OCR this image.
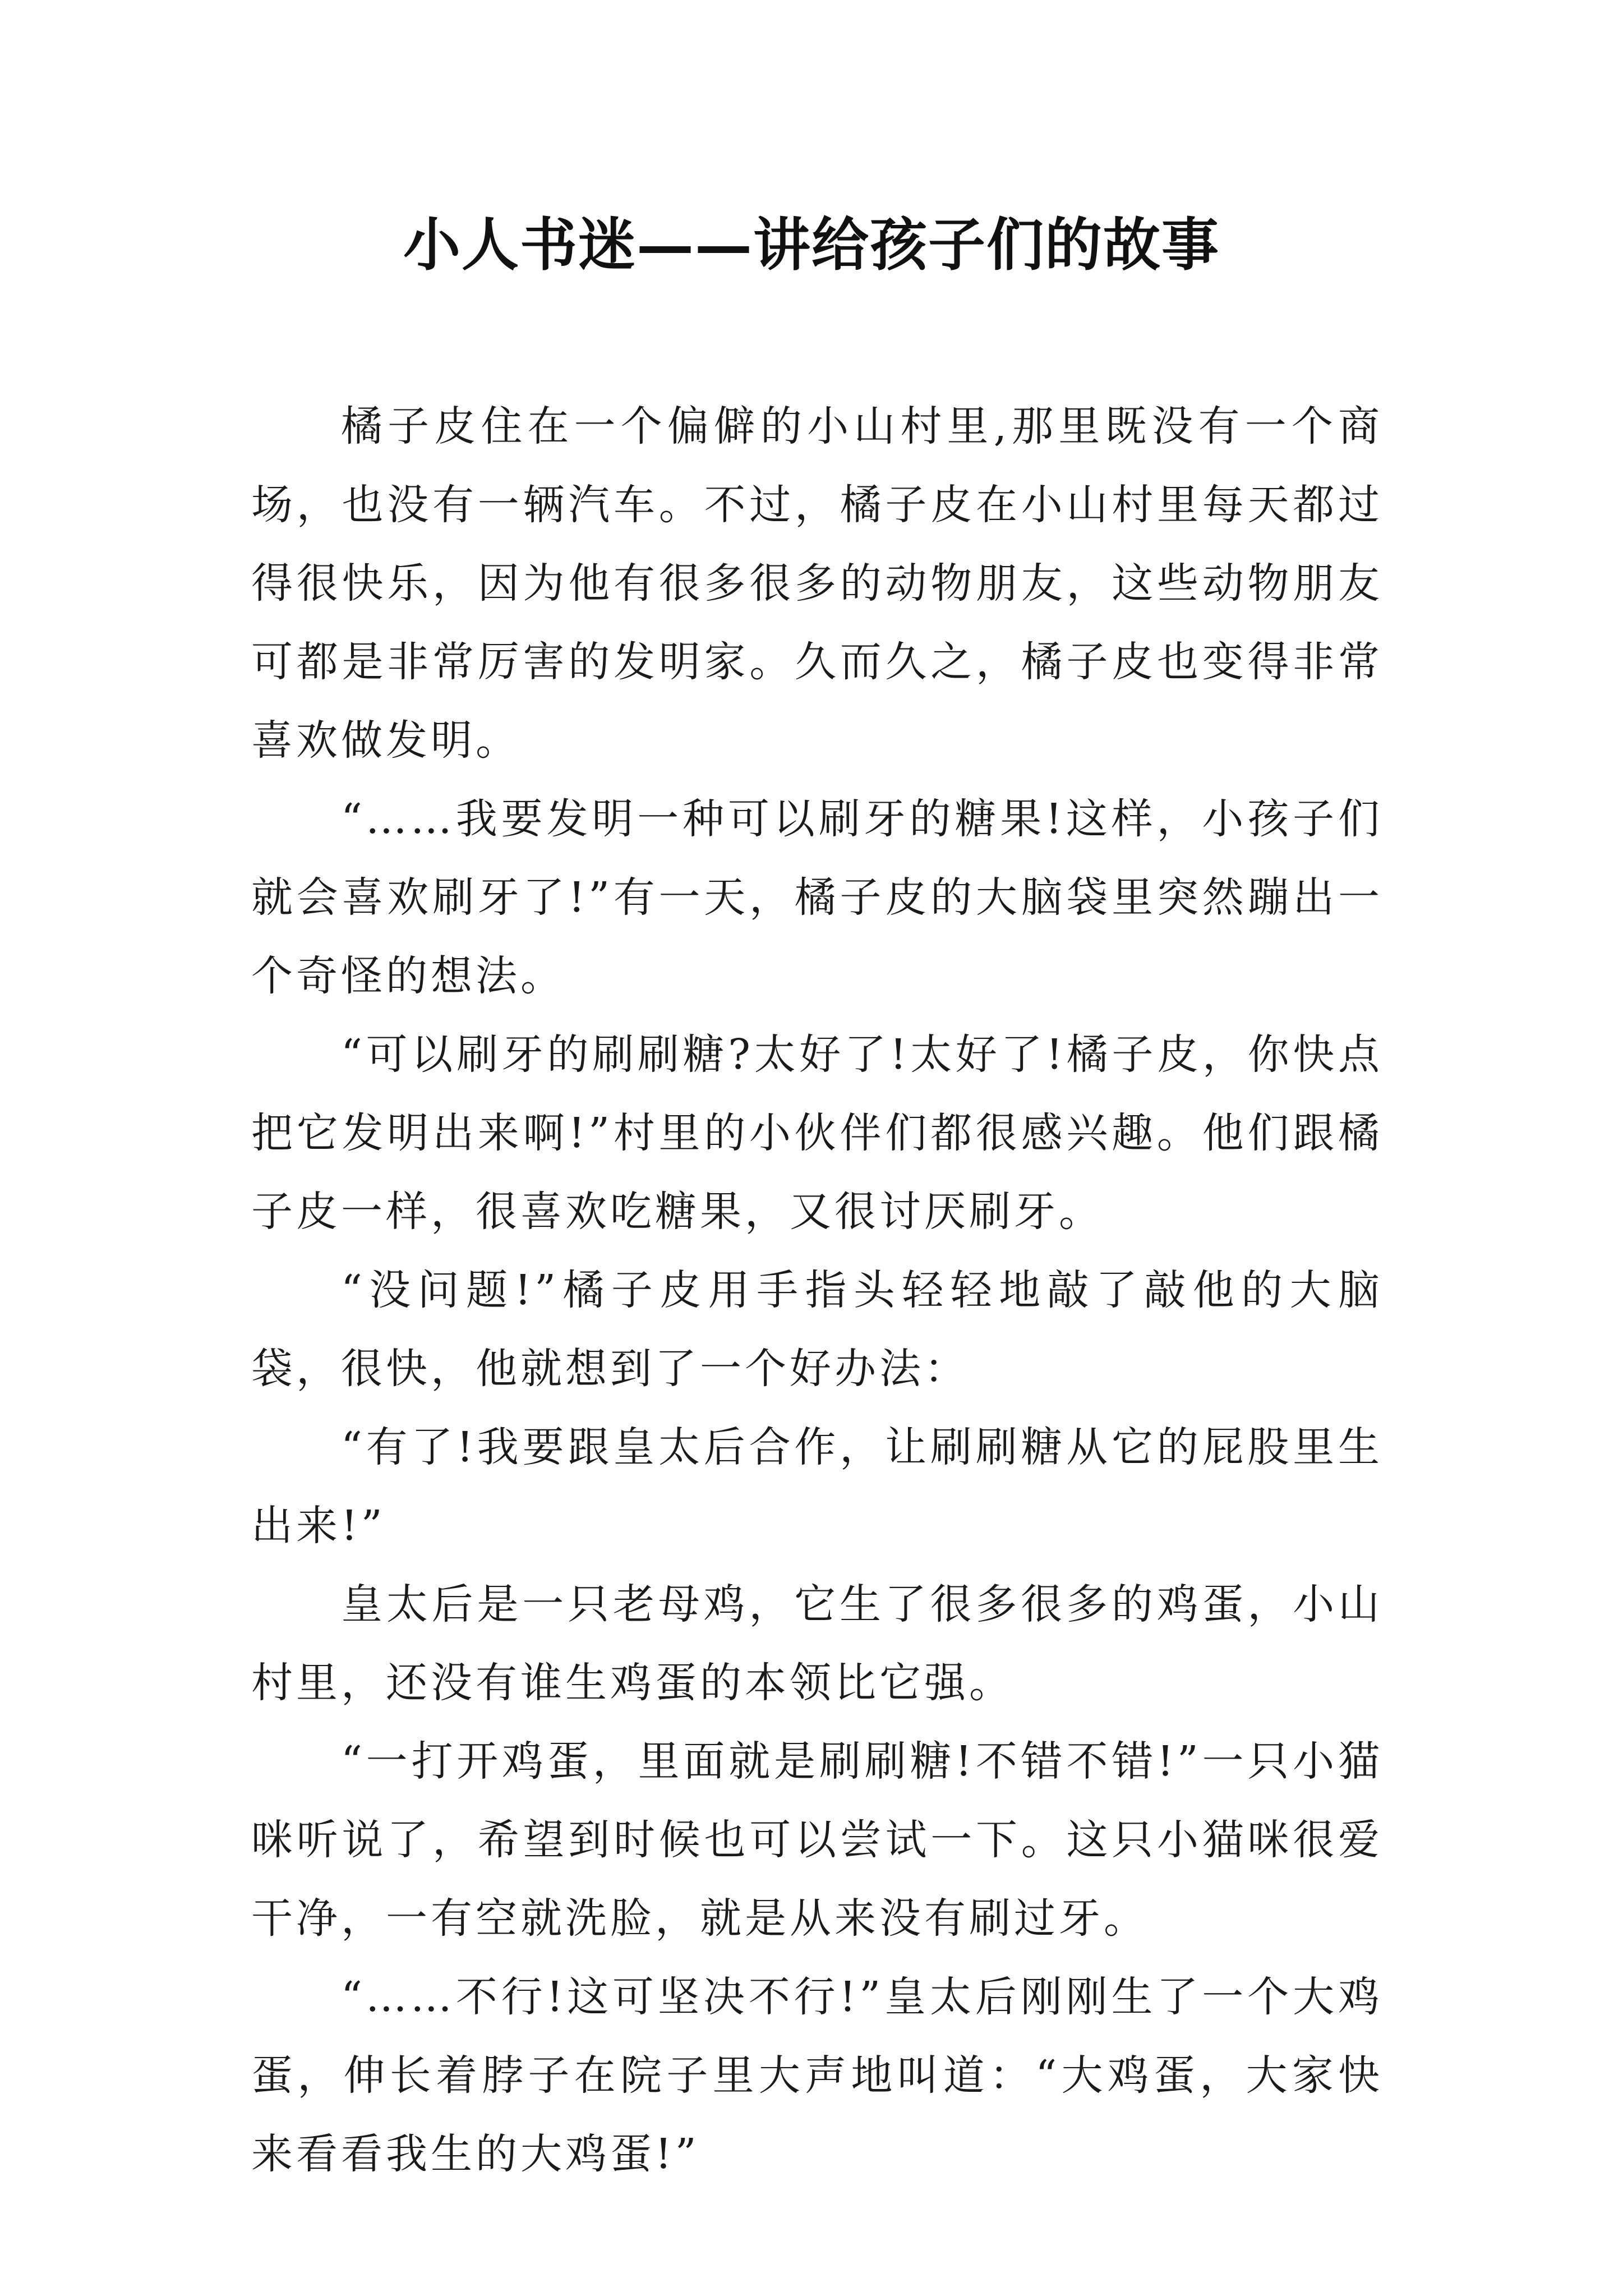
小人书迷——讲给孩子们的故事

橘子皮住在一个偏僻的小山村里,那里既没有一个商场，也没有一辆汽车。不过，橘子皮在小山村里每天都过得很快乐，因为他有很多很多的动物朋友，这些动物朋友可都是非常厉害的发明家。久而久之，橘子皮也变得非常喜欢做发明。

“……我要发明一种可以刷牙的糖果!这样，小孩子们就会喜欢刷牙了!”有一天，橘子皮的大脑袋里突然蹦出一个奇怪的想法。

“可以刷牙的刷刷糖?太好了!太好了!橘子皮，你快点把它发明出来啊!”村里的小伙伴们都很感兴趣。他们跟橘子皮一样，很喜欢吃糖果，又很讨厌刷牙。

“没问题!”橘子皮用手指头轻轻地敲了敲他的大脑袋，很快，他就想到了一个好办法：

“有了!我要跟皇太后合作，让刷刷糖从它的屁股里生出来!”

皇太后是一只老母鸡，它生了很多很多的鸡蛋，小山村里，还没有谁生鸡蛋的本领比它强。

“一打开鸡蛋，里面就是刷刷糖!不错不错!”一只小猫咪听说了，希望到时候也可以尝试一下。这只小猫咪很爱干净，一有空就洗脸，就是从来没有刷过牙。

“……不行!这可坚决不行!”皇太后刚刚生了一个大鸡蛋，伸长着脖子在院子里大声地叫道：“大鸡蛋，大家快来看看我生的大鸡蛋!”
